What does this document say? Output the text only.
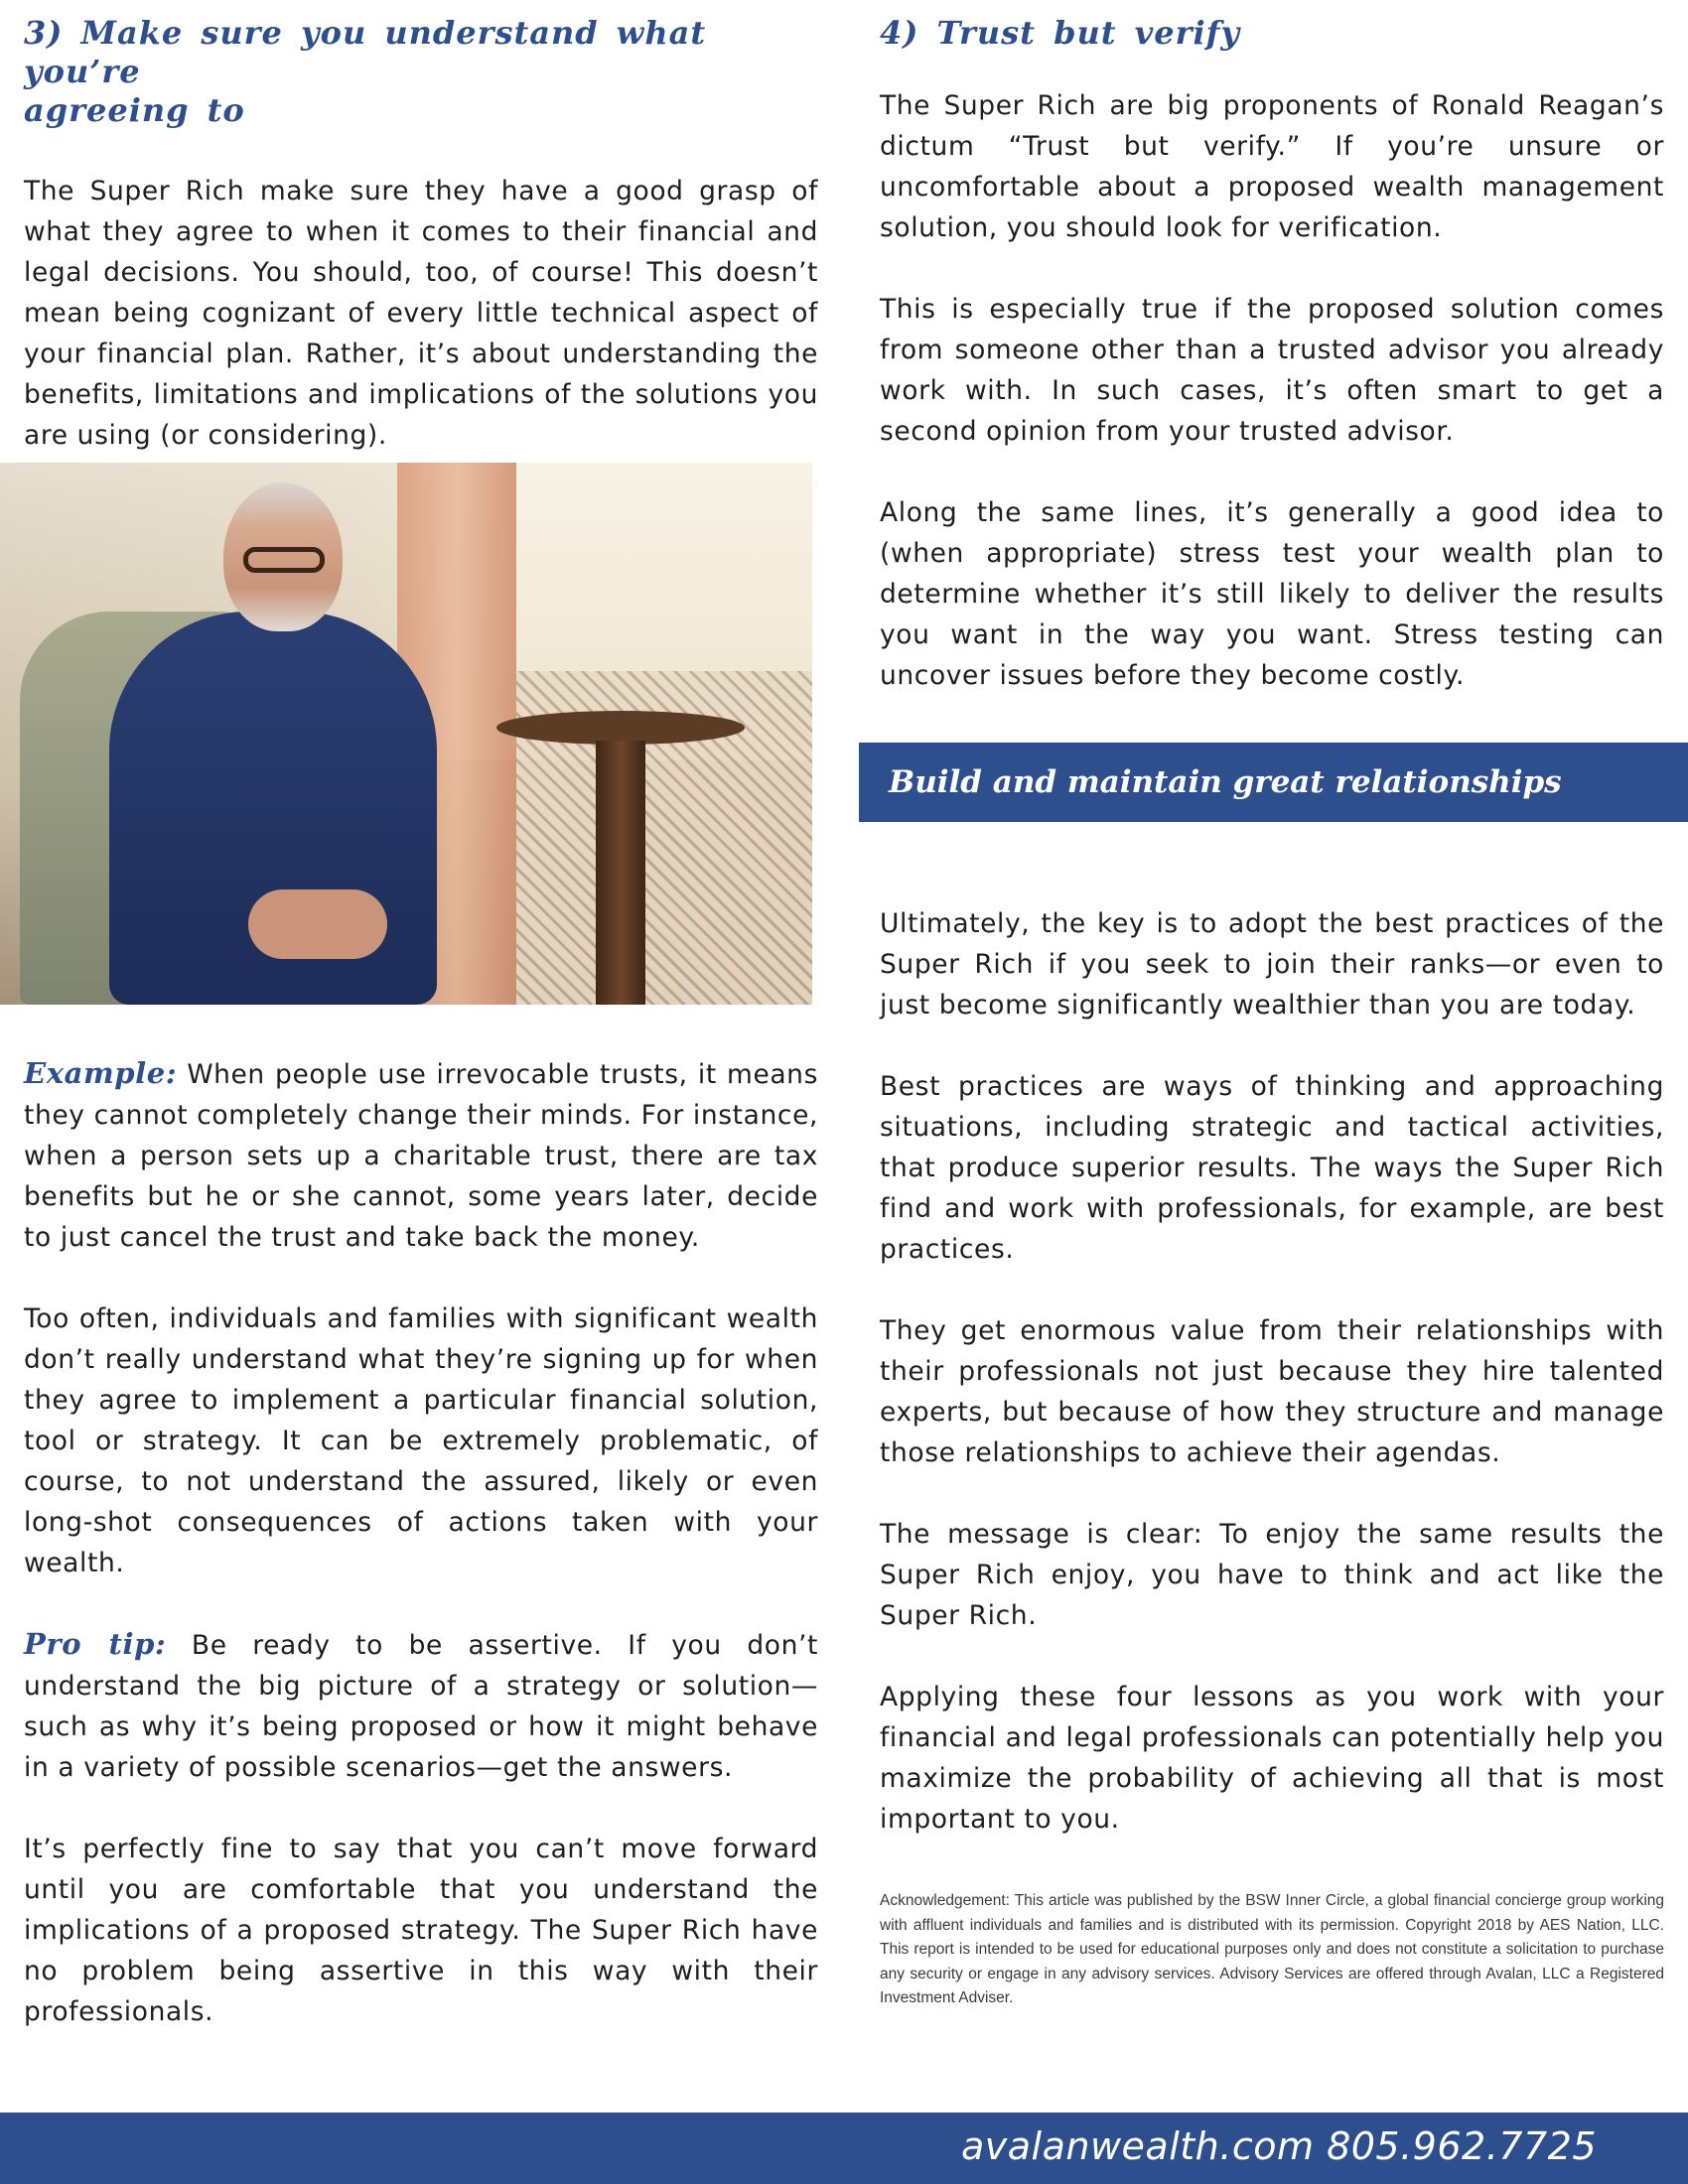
3) Make sure you understand what you’re
agreeing to

The Super Rich make sure they have a good grasp of what they agree to when it comes to their financial and legal decisions. You should, too, of course! This doesn’t mean being cognizant of every little technical aspect of your financial plan. Rather, it’s about understanding the benefits, limitations and implications of the solutions you are using (or considering).

Example: When people use irrevocable trusts, it means they cannot completely change their minds. For instance, when a person sets up a charitable trust, there are tax benefits but he or she cannot, some years later, decide to just cancel the trust and take back the money.

Too often, individuals and families with significant wealth don’t really understand what they’re signing up for when they agree to implement a particular financial solution, tool or strategy. It can be extremely problematic, of course, to not understand the assured, likely or even long-shot consequences of actions taken with your wealth.

Pro tip: Be ready to be assertive. If you don’t understand the big picture of a strategy or solution—such as why it’s being proposed or how it might behave in a variety of possible scenarios—get the answers.

It’s perfectly fine to say that you can’t move forward until you are comfortable that you understand the implications of a proposed strategy. The Super Rich have no problem being assertive in this way with their professionals.

4) Trust but verify

The Super Rich are big proponents of Ronald Reagan’s dictum “Trust but verify.” If you’re unsure or uncomfortable about a proposed wealth management solution, you should look for verification.

This is especially true if the proposed solution comes from someone other than a trusted advisor you already work with. In such cases, it’s often smart to get a second opinion from your trusted advisor.

Along the same lines, it’s generally a good idea to (when appropriate) stress test your wealth plan to determine whether it’s still likely to deliver the results you want in the way you want. Stress testing can uncover issues before they become costly.

Build and maintain great relationships

Ultimately, the key is to adopt the best practices of the Super Rich if you seek to join their ranks—or even to just become significantly wealthier than you are today.

Best practices are ways of thinking and approaching situations, including strategic and tactical activities, that produce superior results. The ways the Super Rich find and work with professionals, for example, are best practices.

They get enormous value from their relationships with their professionals not just because they hire talented experts, but because of how they structure and manage those relationships to achieve their agendas.

The message is clear: To enjoy the same results the Super Rich enjoy, you have to think and act like the Super Rich.

Applying these four lessons as you work with your financial and legal professionals can potentially help you maximize the probability of achieving all that is most important to you.

Acknowledgement: This article was published by the BSW Inner Circle, a global financial concierge group working with affluent individuals and families and is distributed with its permission. Copyright 2018 by AES Nation, LLC. This report is intended to be used for educational purposes only and does not constitute a solicitation to purchase any security or engage in any advisory services. Advisory Services are offered through Avalan, LLC a Registered Investment Adviser.

avalanwealth.com 805.962.7725
